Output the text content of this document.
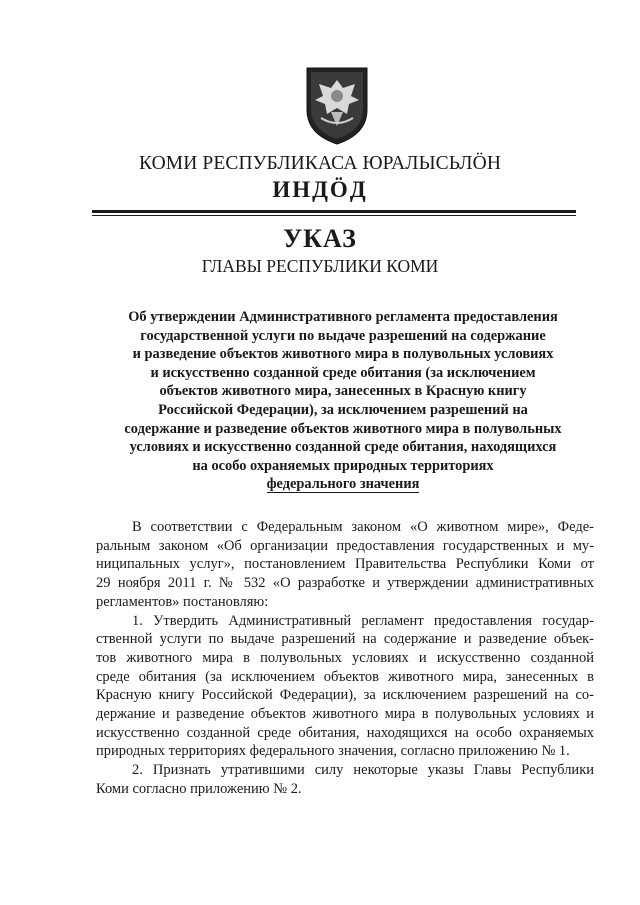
КОМИ РЕСПУБЛИКАСА ЮРАЛЫСЬЛӦН
ИНДӦД
УКАЗ
ГЛАВЫ РЕСПУБЛИКИ КОМИ
Об утверждении Административного регламента предоставления
государственной услуги по выдаче разрешений на содержание
и разведение объектов животного мира в полувольных условиях
и искусственно созданной среде обитания (за исключением
объектов животного мира, занесенных в Красную книгу
Российской Федерации), за исключением разрешений на
содержание и разведение объектов животного мира в полувольных
условиях и искусственно созданной среде обитания, находящихся
на особо охраняемых природных территориях
федерального значения
В соответствии с Федеральным законом «О животном мире», Феде-
ральным законом «Об организации предоставления государственных и му-
ниципальных услуг», постановлением Правительства Республики Коми от
29 ноября 2011 г. № 532 «О разработке и утверждении административных
регламентов» постановляю:
1. Утвердить Административный регламент предоставления государ-
ственной услуги по выдаче разрешений на содержание и разведение объек-
тов животного мира в полувольных условиях и искусственно созданной
среде обитания (за исключением объектов животного мира, занесенных в
Красную книгу Российской Федерации), за исключением разрешений на со-
держание и разведение объектов животного мира в полувольных условиях и
искусственно созданной среде обитания, находящихся на особо охраняемых
природных территориях федерального значения, согласно приложению № 1.
2. Признать утратившими силу некоторые указы Главы Республики
Коми согласно приложению № 2.
